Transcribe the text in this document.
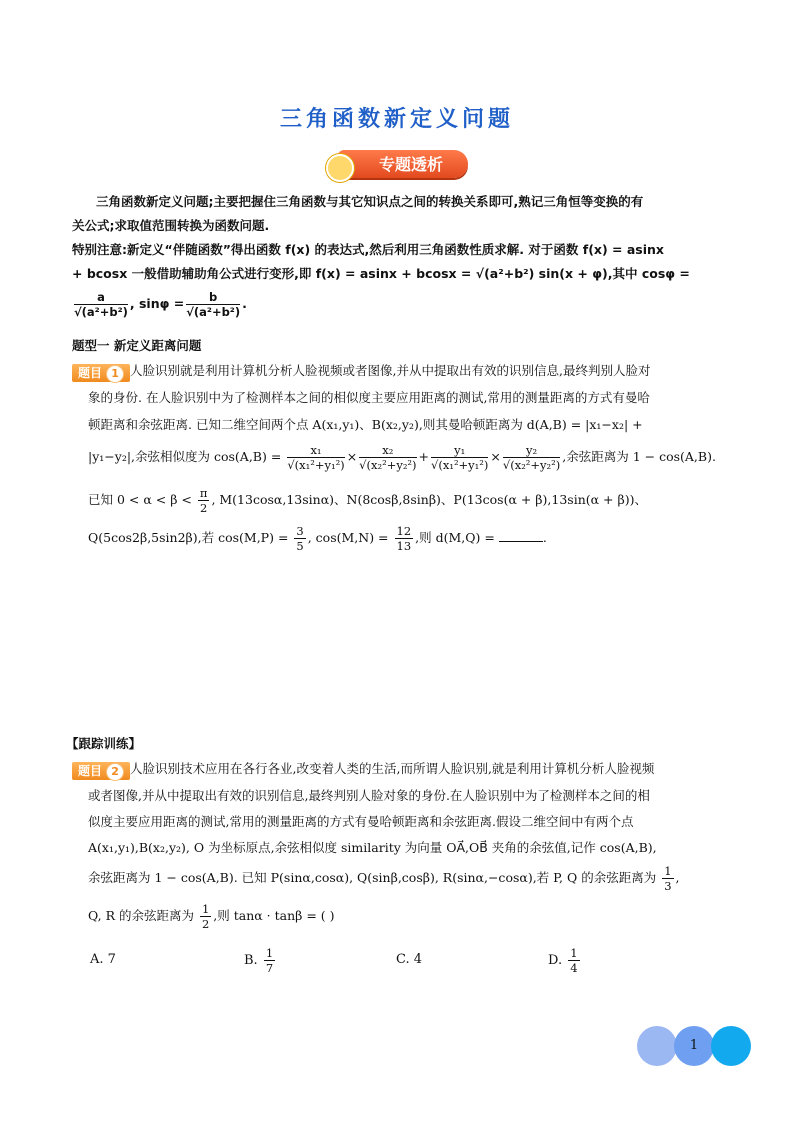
三角函数新定义问题
专题透析
三角函数新定义问题;主要把握住三角函数与其它知识点之间的转换关系即可,熟记三角恒等变换的有
关公式;求取值范围转换为函数问题.
特别注意:新定义“伴随函数”得出函数 f(x) 的表达式,然后利用三角函数性质求解. 对于函数 f(x) = asinx
+ bcosx 一般借助辅助角公式进行变形,即 f(x) = asinx + bcosx = √(a²+b²) sin(x + φ),其中 cosφ =
$\frac{a}{\text{√(a²+b²)}}$ , $\sin\varphi = \frac{b}{\text{√(a²+b²)}}$ .
题型一 新定义距离问题
题目 1 人脸识别就是利用计算机分析人脸视频或者图像,并从中提取出有效的识别信息,最终判别人脸对
象的身份. 在人脸识别中为了检测样本之间的相似度主要应用距离的测试,常用的测量距离的方式有曼哈
顿距离和余弦距离. 已知二维空间两个点 A(x₁,y₁)、B(x₂,y₂),则其曼哈顿距离为 d(A,B) = |x₁−x₂| +
|y₁−y₂|,余弦相似度为 $\cos(A,B) = \frac{\text{x₁}}{\text{√(x₁²+y₁²)}} \times \frac{\text{x₂}}{\text{√(x₂²+y₂²)}} + \frac{\text{y₁}}{\text{√(x₁²+y₁²)}} \times \frac{\text{y₂}}{\text{√(x₂²+y₂²)}}$ ,余弦距离为 1 − cos(A,B).
已知 $0 < \alpha < \beta < \frac{\pi}{2}$ , M(13cosα,13sinα)、N(8cosβ,8sinβ)、P(13cos(α + β),13sin(α + β))、
Q(5cos2β,5sin2β),若 $\cos(M,P) = \frac{3}{5}$ , $\cos(M,N) = \frac{12}{13}$ ,则 d(M,Q) =	.
【跟踪训练】
题目 2 人脸识别技术应用在各行各业,改变着人类的生活,而所谓人脸识别,就是利用计算机分析人脸视频
或者图像,并从中提取出有效的识别信息,最终判别人脸对象的身份.在人脸识别中为了检测样本之间的相
似度主要应用距离的测试,常用的测量距离的方式有曼哈顿距离和余弦距离.假设二维空间中有两个点
A(x₁,y₁),B(x₂,y₂), O 为坐标原点,余弦相似度 similarity 为向量 OA⃗,OB⃗ 夹角的余弦值,记作 cos(A,B),
余弦距离为 1 − cos(A,B). 已知 P(sinα,cosα), Q(sinβ,cosβ), R(sinα,−cosα),若 P, Q 的余弦距离为 $\frac{1}{3}$ ,
Q, R 的余弦距离为 $\frac{1}{2}$ ,则 tanα · tanβ = ( )
A. 7	B. $\frac{1}{7}$	C. 4	D. $\frac{1}{4}$
1
